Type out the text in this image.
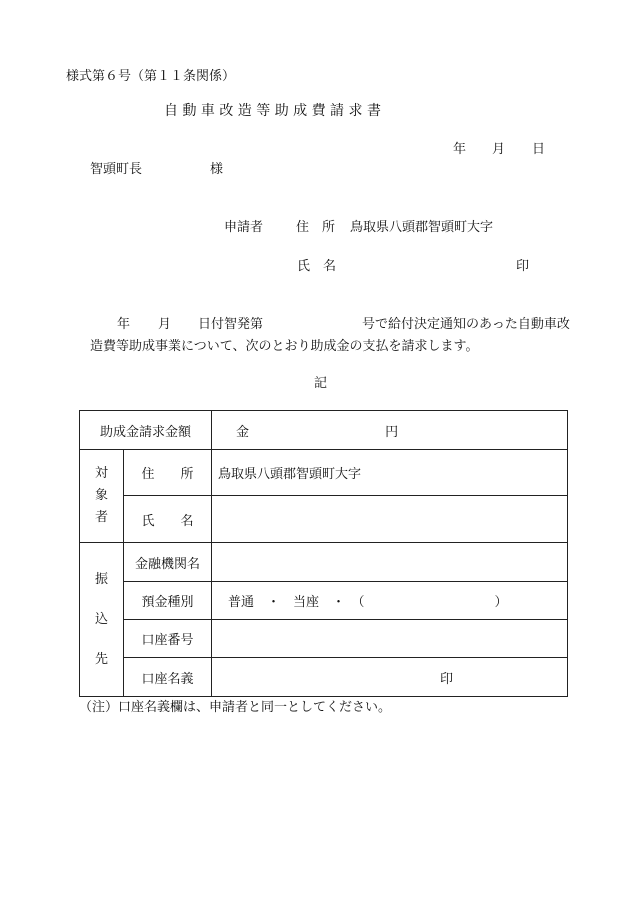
様式第６号（第１１条関係）
自 動 車 改 造 等 助 成 費 請 求 書
年 月 日
智頭町長	様
申請者	住　所 鳥取県八頭郡智頭町大字
氏　名	印
年 月 日付智発第	号で給付決定通知のあった自動車改
造費等助成事業について、次のとおり助成金の支払を請求します。
記
助成金請求金額		金 円

対
象
者	住　　所	鳥取県八頭郡智頭町大字
	氏　　名	

振
込
先	金融機関名	
	預金種別	普通　・　当座　・　（　　　　　　　　　　）
	口座番号	
	口座名義	印
（注）口座名義欄は、申請者と同一としてください。
